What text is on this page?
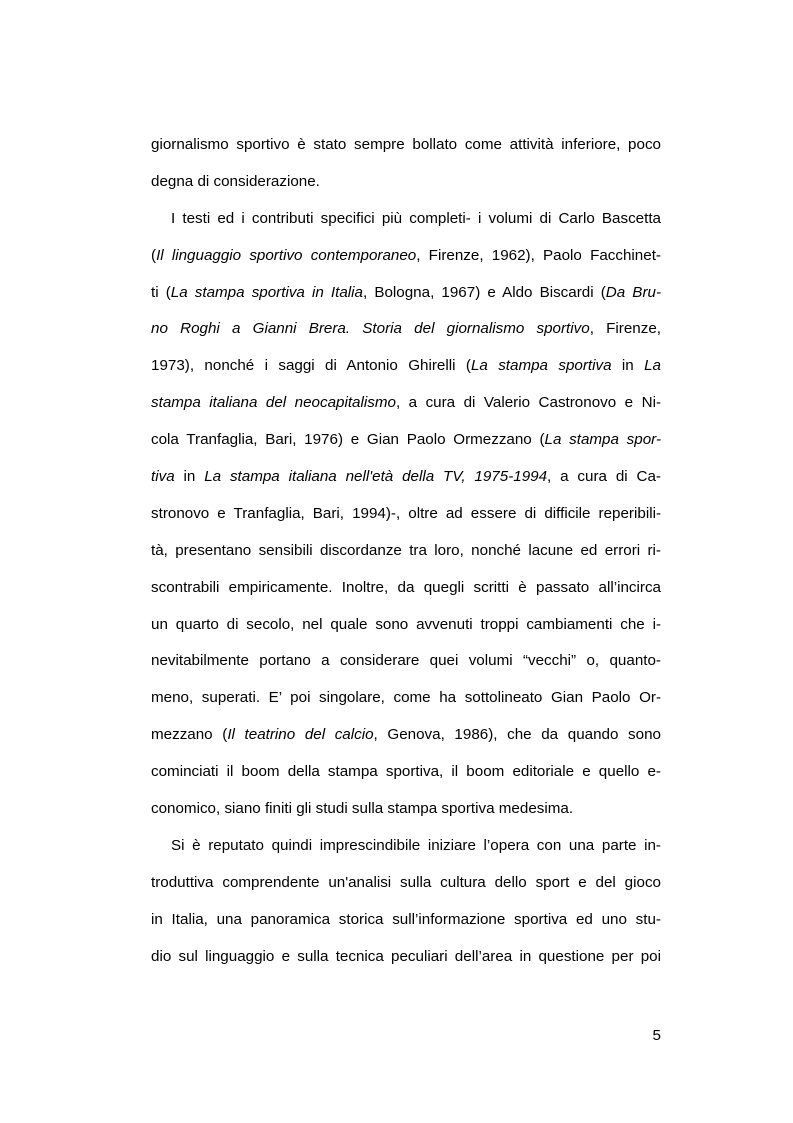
giornalismo sportivo è stato sempre bollato come attività inferiore, poco
degna di considerazione.
I testi ed i contributi specifici più completi- i volumi di Carlo Bascetta
(Il linguaggio sportivo contemporaneo, Firenze, 1962), Paolo Facchinet-
ti (La stampa sportiva in Italia, Bologna, 1967) e Aldo Biscardi (Da Bru-
no Roghi a Gianni Brera. Storia del giornalismo sportivo, Firenze,
1973), nonché i saggi di Antonio Ghirelli (La stampa sportiva in La
stampa italiana del neocapitalismo, a cura di Valerio Castronovo e Ni-
cola Tranfaglia, Bari, 1976) e Gian Paolo Ormezzano (La stampa spor-
tiva in La stampa italiana nell'età della TV, 1975-1994, a cura di Ca-
stronovo e Tranfaglia, Bari, 1994)-, oltre ad essere di difficile reperibili-
tà, presentano sensibili discordanze tra loro, nonché lacune ed errori ri-
scontrabili empiricamente. Inoltre, da quegli scritti è passato all’incirca
un quarto di secolo, nel quale sono avvenuti troppi cambiamenti che i-
nevitabilmente portano a considerare quei volumi “vecchi” o, quanto-
meno, superati. E’ poi singolare, come ha sottolineato Gian Paolo Or-
mezzano (Il teatrino del calcio, Genova, 1986), che da quando sono
cominciati il boom della stampa sportiva, il boom editoriale e quello e-
conomico, siano finiti gli studi sulla stampa sportiva medesima.
Si è reputato quindi imprescindibile iniziare l’opera con una parte in-
troduttiva comprendente un'analisi sulla cultura dello sport e del gioco
in Italia, una panoramica storica sull’informazione sportiva ed uno stu-
dio sul linguaggio e sulla tecnica peculiari dell’area in questione per poi
5
